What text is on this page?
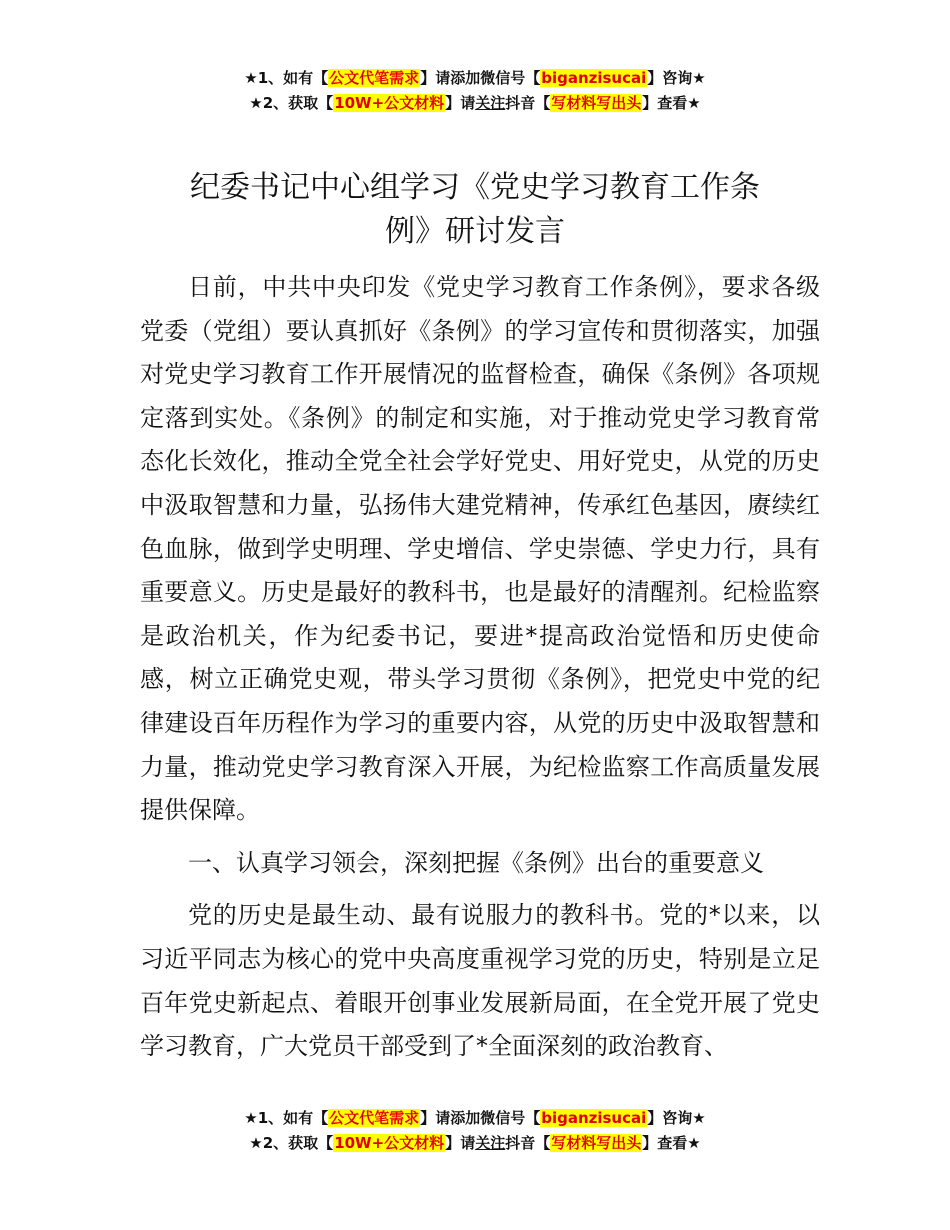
★1、如有【公文代笔需求】请添加微信号【biganzisucai】咨询★
★2、获取【10W+公文材料】请关注抖音【写材料写出头】查看★
纪委书记中心组学习《党史学习教育工作条
例》研讨发言

日前，中共中央印发《党史学习教育工作条例》，要求各级党委（党组）要认真抓好《条例》的学习宣传和贯彻落实，加强对党史学习教育工作开展情况的监督检查，确保《条例》各项规定落到实处。《条例》的制定和实施，对于推动党史学习教育常态化长效化，推动全党全社会学好党史、用好党史，从党的历史中汲取智慧和力量，弘扬伟大建党精神，传承红色基因，赓续红色血脉，做到学史明理、学史增信、学史崇德、学史力行，具有重要意义。历史是最好的教科书，也是最好的清醒剂。纪检监察是政治机关，作为纪委书记，要进*提高政治觉悟和历史使命感，树立正确党史观，带头学习贯彻《条例》，把党史中党的纪律建设百年历程作为学习的重要内容，从党的历史中汲取智慧和力量，推动党史学习教育深入开展，为纪检监察工作高质量发展提供保障。

一、认真学习领会，深刻把握《条例》出台的重要意义

党的历史是最生动、最有说服力的教科书。党的*以来，以习近平同志为核心的党中央高度重视学习党的历史，特别是立足百年党史新起点、着眼开创事业发展新局面，在全党开展了党史学习教育，广大党员干部受到了*全面深刻的政治教育、

★1、如有【公文代笔需求】请添加微信号【biganzisucai】咨询★
★2、获取【10W+公文材料】请关注抖音【写材料写出头】查看★
